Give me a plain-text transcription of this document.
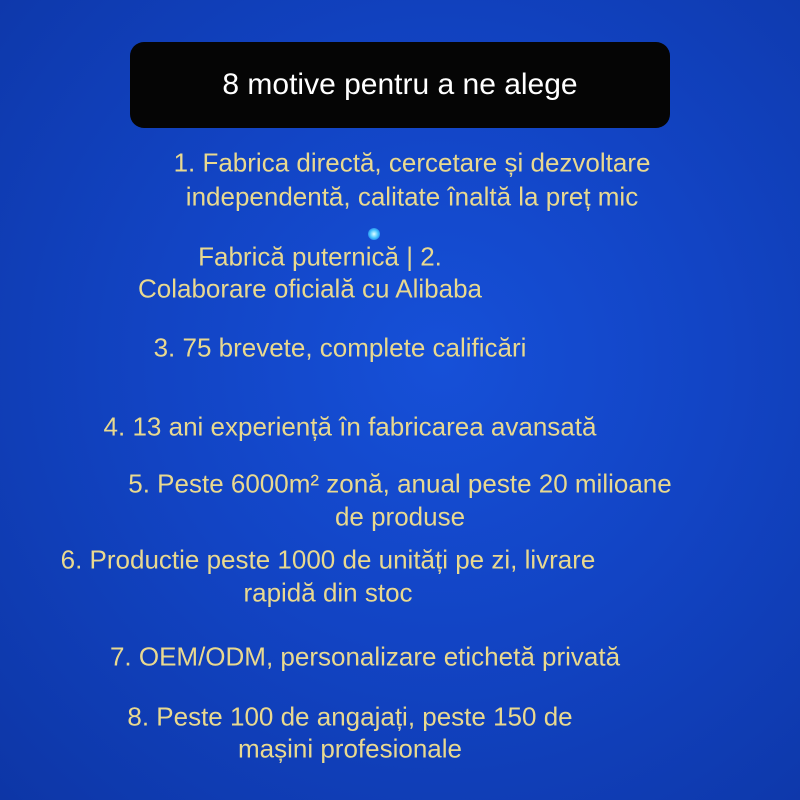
8 motive pentru a ne alege
1. Fabrica directă, cercetare și dezvoltare
independentă, calitate înaltă la preț mic
Fabrică puternică | 2.
Colaborare oficială cu Alibaba
3. 75 brevete, complete calificări
4. 13 ani experiență în fabricarea avansată
5. Peste 6000m² zonă, anual peste 20 milioane
de produse
6. Productie peste 1000 de unități pe zi, livrare
rapidă din stoc
7. OEM/ODM, personalizare etichetă privată
8. Peste 100 de angajați, peste 150 de
mașini profesionale
